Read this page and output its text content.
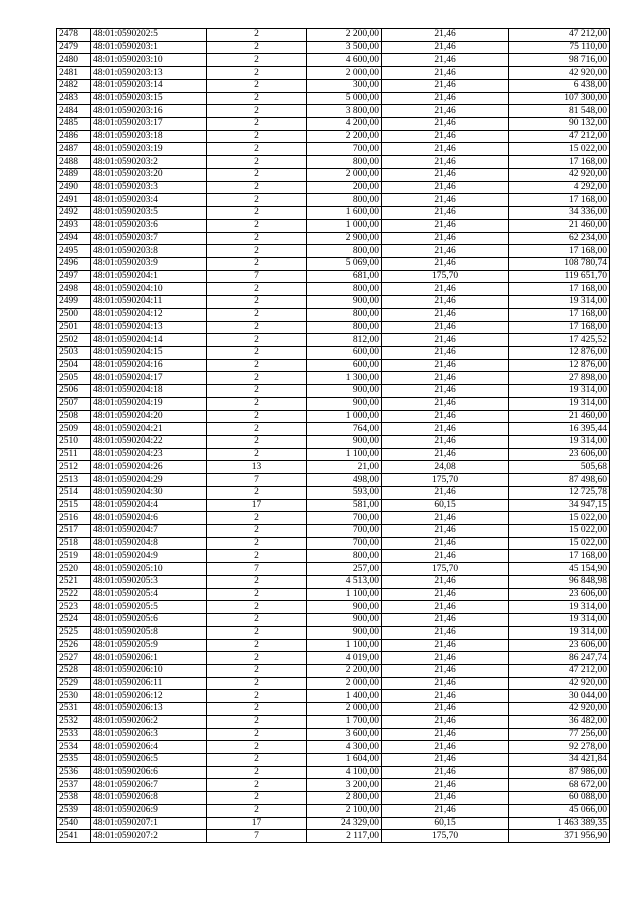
2478	48:01:0590202:5	2	2 200,00	21,46	47 212,00
2479	48:01:0590203:1	2	3 500,00	21,46	75 110,00
2480	48:01:0590203:10	2	4 600,00	21,46	98 716,00
2481	48:01:0590203:13	2	2 000,00	21,46	42 920,00
2482	48:01:0590203:14	2	300,00	21,46	6 438,00
2483	48:01:0590203:15	2	5 000,00	21,46	107 300,00
2484	48:01:0590203:16	2	3 800,00	21,46	81 548,00
2485	48:01:0590203:17	2	4 200,00	21,46	90 132,00
2486	48:01:0590203:18	2	2 200,00	21,46	47 212,00
2487	48:01:0590203:19	2	700,00	21,46	15 022,00
2488	48:01:0590203:2	2	800,00	21,46	17 168,00
2489	48:01:0590203:20	2	2 000,00	21,46	42 920,00
2490	48:01:0590203:3	2	200,00	21,46	4 292,00
2491	48:01:0590203:4	2	800,00	21,46	17 168,00
2492	48:01:0590203:5	2	1 600,00	21,46	34 336,00
2493	48:01:0590203:6	2	1 000,00	21,46	21 460,00
2494	48:01:0590203:7	2	2 900,00	21,46	62 234,00
2495	48:01:0590203:8	2	800,00	21,46	17 168,00
2496	48:01:0590203:9	2	5 069,00	21,46	108 780,74
2497	48:01:0590204:1	7	681,00	175,70	119 651,70
2498	48:01:0590204:10	2	800,00	21,46	17 168,00
2499	48:01:0590204:11	2	900,00	21,46	19 314,00
2500	48:01:0590204:12	2	800,00	21,46	17 168,00
2501	48:01:0590204:13	2	800,00	21,46	17 168,00
2502	48:01:0590204:14	2	812,00	21,46	17 425,52
2503	48:01:0590204:15	2	600,00	21,46	12 876,00
2504	48:01:0590204:16	2	600,00	21,46	12 876,00
2505	48:01:0590204:17	2	1 300,00	21,46	27 898,00
2506	48:01:0590204:18	2	900,00	21,46	19 314,00
2507	48:01:0590204:19	2	900,00	21,46	19 314,00
2508	48:01:0590204:20	2	1 000,00	21,46	21 460,00
2509	48:01:0590204:21	2	764,00	21,46	16 395,44
2510	48:01:0590204:22	2	900,00	21,46	19 314,00
2511	48:01:0590204:23	2	1 100,00	21,46	23 606,00
2512	48:01:0590204:26	13	21,00	24,08	505,68
2513	48:01:0590204:29	7	498,00	175,70	87 498,60
2514	48:01:0590204:30	2	593,00	21,46	12 725,78
2515	48:01:0590204:4	17	581,00	60,15	34 947,15
2516	48:01:0590204:6	2	700,00	21,46	15 022,00
2517	48:01:0590204:7	2	700,00	21,46	15 022,00
2518	48:01:0590204:8	2	700,00	21,46	15 022,00
2519	48:01:0590204:9	2	800,00	21,46	17 168,00
2520	48:01:0590205:10	7	257,00	175,70	45 154,90
2521	48:01:0590205:3	2	4 513,00	21,46	96 848,98
2522	48:01:0590205:4	2	1 100,00	21,46	23 606,00
2523	48:01:0590205:5	2	900,00	21,46	19 314,00
2524	48:01:0590205:6	2	900,00	21,46	19 314,00
2525	48:01:0590205:8	2	900,00	21,46	19 314,00
2526	48:01:0590205:9	2	1 100,00	21,46	23 606,00
2527	48:01:0590206:1	2	4 019,00	21,46	86 247,74
2528	48:01:0590206:10	2	2 200,00	21,46	47 212,00
2529	48:01:0590206:11	2	2 000,00	21,46	42 920,00
2530	48:01:0590206:12	2	1 400,00	21,46	30 044,00
2531	48:01:0590206:13	2	2 000,00	21,46	42 920,00
2532	48:01:0590206:2	2	1 700,00	21,46	36 482,00
2533	48:01:0590206:3	2	3 600,00	21,46	77 256,00
2534	48:01:0590206:4	2	4 300,00	21,46	92 278,00
2535	48:01:0590206:5	2	1 604,00	21,46	34 421,84
2536	48:01:0590206:6	2	4 100,00	21,46	87 986,00
2537	48:01:0590206:7	2	3 200,00	21,46	68 672,00
2538	48:01:0590206:8	2	2 800,00	21,46	60 088,00
2539	48:01:0590206:9	2	2 100,00	21,46	45 066,00
2540	48:01:0590207:1	17	24 329,00	60,15	1 463 389,35
2541	48:01:0590207:2	7	2 117,00	175,70	371 956,90
